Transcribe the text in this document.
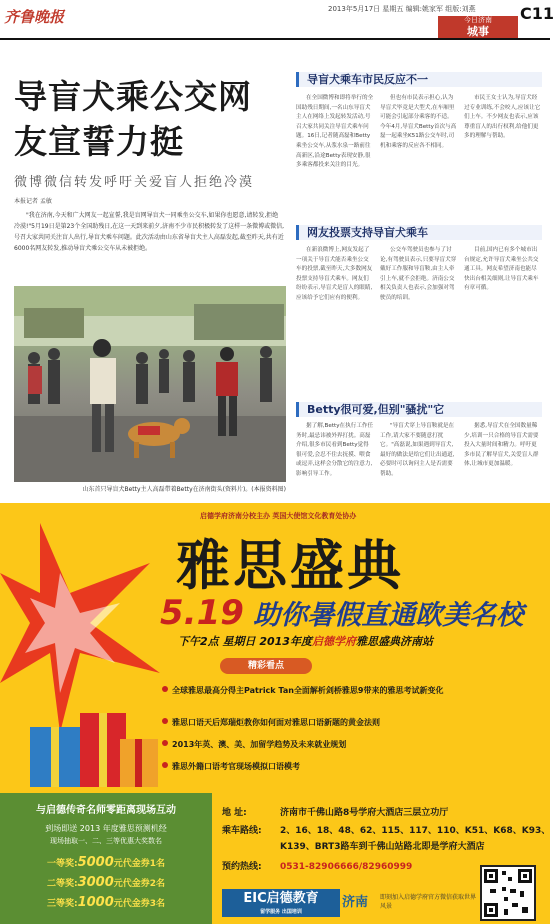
齐鲁晚报	2013年5月17日 星期五 编辑:姚家军 组版:刘燕
今日济南
城事
C11
导盲犬乘公交网友宣誓力挺
微博微信转发呼吁关爱盲人拒绝冷漠
本报记者 孟敏
"我在济南,今天和广大网友一起宣誓,我是盲网导盲犬一同乘坐公交车,如果你也愿意,请转发,拒绝冷漠!"5月19日是第23个全国助残日,在这一天到来前夕,济南不少市民积极转发了这样一条微博或微信,号召大家共同关注盲人出行,导盲犬乘车问题。此次活动由山东省导盲犬主人高磊发起,截至昨天,共有近6000名网友转发,推动导盲犬乘公交车从未被拒绝。
山东首只导盲犬Betty主人高磊带着Betty在济南街头(资料片)。(本报资料图)
导盲犬乘车市民反应不一
在全国微博和即将举行的全国助残日期间,一名山东导盲犬主人在网络上发起转发活动,号召大家共同关注导盲犬乘车问题。16日,记者随高磊和Betty乘坐公交车,从浆水泉一路前往高新区,沿途Betty表现安静,很多乘客都投来关注的目光。
但也有市民表示担心,认为导盲犬毕竟是大型犬,在车厢里可能会引起部分乘客的不适。今年4月,导盲犬Betty首次与高磊一起乘坐K51路公交车时,司机和乘客的反应各不相同。
市民王女士认为,导盲犬经过专业训练,不会咬人,应该让它们上车。不少网友也表示,应该尊重盲人的出行权利,给他们更多的理解与帮助。
网友投票支持导盲犬乘车
在新浪微博上,网友发起了一项关于导盲犬能否乘坐公交车的投票,截至昨天,大多数网友投票支持导盲犬乘车。网友们纷纷表示,导盲犬是盲人的眼睛,应该给予它们应有的便利。
公交车驾驶员也参与了讨论,有驾驶员表示,只要导盲犬穿戴好工作服和导盲鞍,由主人牵引上车,就不会拒绝。济南公交相关负责人也表示,会加强对驾驶员的培训。
目前,国内已有多个城市出台规定,允许导盲犬乘坐公共交通工具。网友希望济南也能尽快出台相关细则,让导盲犬乘车有章可循。
Betty很可爱,但别"骚扰"它
据了解,Betty在执行工作任务时,最忌讳被外界打扰。高磊介绍,很多市民看到Betty觉得很可爱,会忍不住去抚摸、喂食或逗弄,这样会分散它的注意力,影响引导工作。
"导盲犬穿上导盲鞍就是在工作,请大家不要随意打扰它。"高磊说,如果遇到导盲犬,最好的做法是给它们让出通道,必要时可以询问主人是否需要帮助。
据悉,导盲犬在全国数量稀少,培训一只合格的导盲犬需要投入大量时间和精力。呼吁更多市民了解导盲犬,关爱盲人群体,让城市更加温暖。
启德学府济南分校主办 英国大使馆文化教育处协办
雅思盛典
5.19 助你暑假直通欧美名校
下午2点 星期日 2013年度启德学府雅思盛典济南站
精彩看点
全球雅思最高分得主Patrick Tan全面解析剑桥雅思9带来的雅思考试新变化
雅思口语天后郑瑞炬教你如何面对雅思口语新题的黄金法则
2013年英、澳、美、加留学趋势及未来就业规划
雅思外籍口语考官现场模拟口语模考
与启德传奇名师零距离现场互动
到场即送 2013 年度雅思预测机经
现场抽取一、二、三等优惠大奖数名
一等奖:5000元代金券1名
二等奖:3000元代金券2名
三等奖:1000元代金券3名
地 址:	济南市千佛山路8号学府大酒店三层立功厅
乘车路线: 2、16、18、48、62、115、117、110、K51、K68、K93、
K139、BRT3路车到千佛山站路北即是学府大酒店
预约热线: 0531-82906666/82960999
EIC启德教育
留学服务 出国培训
济南 即刻加入启德学府官方微信获取世界风景
